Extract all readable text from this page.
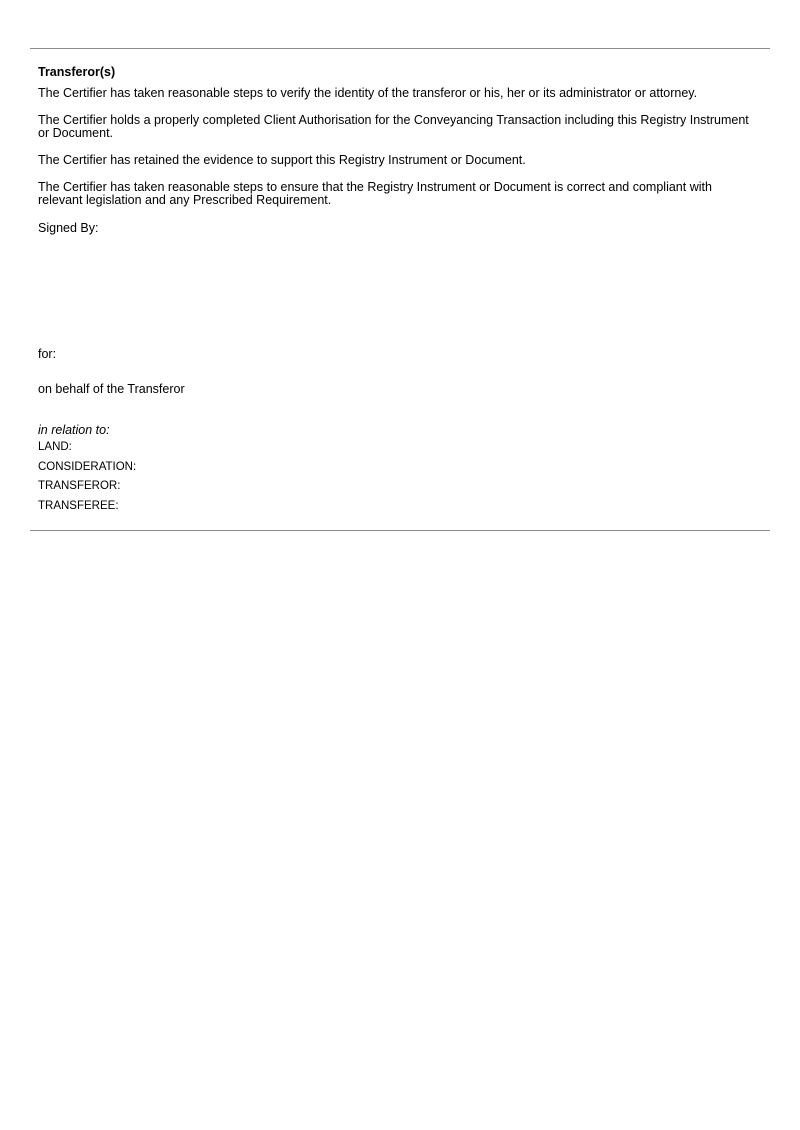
Transferor(s)

The Certifier has taken reasonable steps to verify the identity of the transferor or his, her or its administrator or attorney.

The Certifier holds a properly completed Client Authorisation for the Conveyancing Transaction including this Registry Instrument or Document.

The Certifier has retained the evidence to support this Registry Instrument or Document.

The Certifier has taken reasonable steps to ensure that the Registry Instrument or Document is correct and compliant with relevant legislation and any Prescribed Requirement.

Signed By:

for:
on behalf of the Transferor
in relation to:
LAND:
CONSIDERATION:
TRANSFEROR:
TRANSFEREE:
